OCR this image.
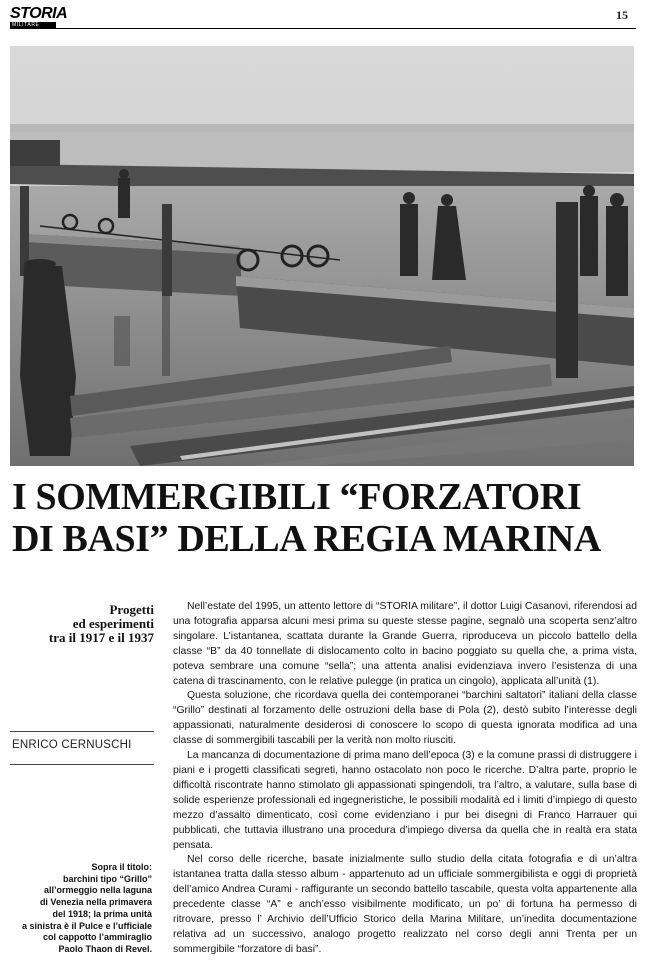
STORIA
MILITARE
15
I SOMMERGIBILI “FORZATORI
DI BASI” DELLA REGIA MARINA
Progetti
ed esperimenti
tra il 1917 e il 1937
ENRICO CERNUSCHI
Sopra il titolo:
barchini tipo “Grillo”
all’ormeggio nella laguna
di Venezia nella primavera
del 1918; la prima unità
a sinistra è il Pulce e l’ufficiale
col cappotto l’ammiraglio
Paolo Thaon di Revel.

Nell’estate del 1995, un attento lettore di “STORIA militare”, il dottor Luigi Casanovi, riferendosi ad una fotografia apparsa alcuni mesi prima su queste stesse pagine, segnalò una scoperta senz’altro singolare. L’istantanea, scattata durante la Grande Guerra, riproduceva un piccolo battello della classe “B” da 40 tonnellate di dislocamento colto in bacino poggiato su quella che, a prima vista, poteva sembrare una comune “sella”; una attenta analisi evidenziava invero l’esistenza di una catena di trascinamento, con le relative pulegge (in pratica un cingolo), applicata all’unità (1).

Questa soluzione, che ricordava quella dei contemporanei “barchini saltatori” italiani della classe “Grillo” destinati al forzamento delle ostruzioni della base di Pola (2), destò subito l’interesse degli appassionati, naturalmente desiderosi di conoscere lo scopo di questa ignorata modifica ad una classe di sommergibili tascabili per la verità non molto riusciti.

La mancanza di documentazione di prima mano dell’epoca (3) e la comune prassi di distruggere i piani e i progetti classificati segreti, hanno ostacolato non poco le ricerche. D’altra parte, proprio le difficoltà riscontrate hanno stimolato gli appassionati spingendoli, tra l’altro, a valutare, sulla base di solide esperienze professionali ed ingegneristiche, le possibili modalità ed i limiti d’impiego di questo mezzo d’assalto dimenticato, così come evidenziano i pur bei disegni di Franco Harrauer qui pubblicati, che tuttavia illustrano una procedura d’impiego diversa da quella che in realtà era stata pensata.

Nel corso delle ricerche, basate inizialmente sullo studio della citata fotografia e di un’altra istantanea tratta dalla stesso album - appartenuto ad un ufficiale sommergibilista e oggi di proprietà dell’amico Andrea Curami - raffigurante un secondo battello tascabile, questa volta appartenente alla precedente classe “A” e anch’esso visibilmente modificato, un po’ di fortuna ha permesso di ritrovare, presso l’ Archivio dell’Ufficio Storico della Marina Militare, un’inedita documentazione relativa ad un successivo, analogo progetto realizzato nel corso degli anni Trenta per un sommergibile “forzatore di basi”.
